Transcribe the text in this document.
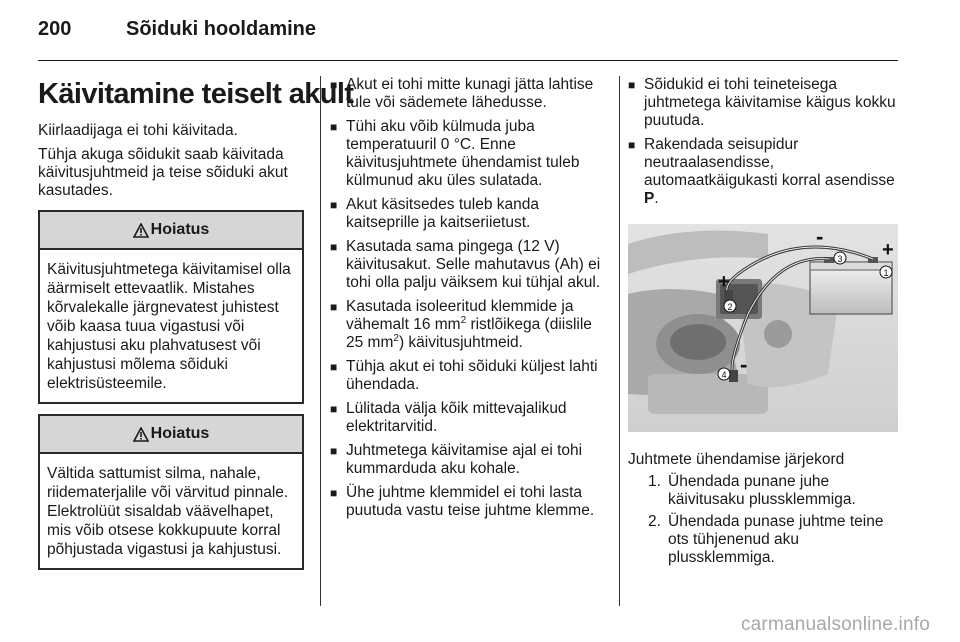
200	Sõiduki hooldamine
Käivitamine teiselt akult

Kiirlaadijaga ei tohi käivitada.

Tühja akuga sõidukit saab käivitada käivitusjuhtmeid ja teise sõiduki akut kasutades.

Hoiatus
Käivitusjuhtmetega käivitamisel olla äärmiselt ettevaatlik. Mistahes kõrvalekalle järgnevatest juhistest võib kaasa tuua vigastusi või kahjustusi aku plahvatusest või kahjustusi mõlema sõiduki elektrisüsteemile.
Hoiatus
Vältida sattumist silma, nahale, riidematerjalile või värvitud pinnale. Elektrolüüt sisaldab väävelhapet, mis võib otsese kokkupuute korral põhjustada vigastusi ja kahjustusi.
■ Akut ei tohi mitte kunagi jätta lahtise tule või sädemete lähedusse.
■ Tühi aku võib külmuda juba temperatuuril 0 °C. Enne käivitusjuhtmete ühendamist tuleb külmunud aku üles sulatada.
■ Akut käsitsedes tuleb kanda kaitseprille ja kaitseriietust.
■ Kasutada sama pingega (12 V) käivitusakut. Selle mahutavus (Ah) ei tohi olla palju väiksem kui tühjal akul.
■ Kasutada isoleeritud klemmide ja vähemalt 16 $mm^2$ ristlõikega (diislile 25 $mm^2$) käivitusjuhtmeid.
■ Tühja akut ei tohi sõiduki küljest lahti ühendada.
■ Lülitada välja kõik mittevajalikud elektritarvitid.
■ Juhtmetega käivitamise ajal ei tohi kummarduda aku kohale.
■ Ühe juhtme klemmidel ei tohi lasta puutuda vastu teise juhtme klemme.
■ Sõidukid ei tohi teineteisega juhtmetega käivitamise käigus kokku puutuda.
■ Rakendada seisupidur neutraalasendisse, automaatkäigukasti korral asendisse P.
+
-
+
-
1
2
3
4

Juhtmete ühendamise järjekord

1. Ühendada punane juhe käivitusaku plussklemmiga.
2. Ühendada punase juhtme teine ots tühjenenud aku plussklemmiga.
carmanualsonline.info
